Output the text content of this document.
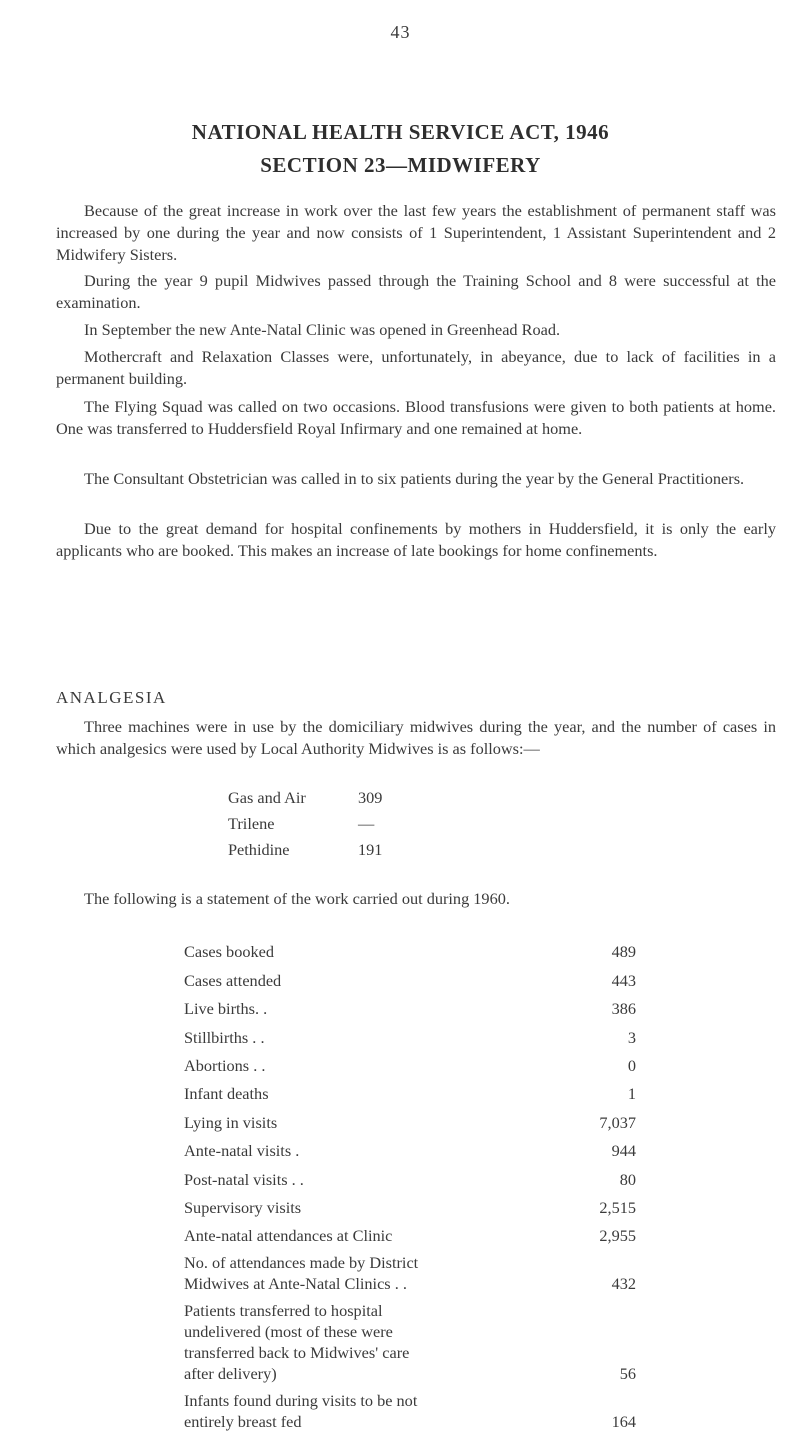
43
NATIONAL HEALTH SERVICE ACT, 1946
SECTION 23—MIDWIFERY

Because of the great increase in work over the last few years the establishment of permanent staff was increased by one during the year and now consists of 1 Superintendent, 1 Assistant Superintendent and 2 Midwifery Sisters.

During the year 9 pupil Midwives passed through the Training School and 8 were successful at the examination.

In September the new Ante-Natal Clinic was opened in Greenhead Road.

Mothercraft and Relaxation Classes were, unfortunately, in abeyance, due to lack of facilities in a permanent building.

The Flying Squad was called on two occasions. Blood transfusions were given to both patients at home. One was transferred to Huddersfield Royal Infirmary and one remained at home.

The Consultant Obstetrician was called in to six patients during the year by the General Practitioners.

Due to the great demand for hospital confinements by mothers in Huddersfield, it is only the early applicants who are booked. This makes an increase of late bookings for home confinements.

ANALGESIA

Three machines were in use by the domiciliary midwives during the year, and the number of cases in which analgesics were used by Local Authority Midwives is as follows:—

Gas and Air	309
Trilene	—
Pethidine	191

The following is a statement of the work carried out during 1960.

Cases booked	489
Cases attended	443
Live births. .	386
Stillbirths . .	3
Abortions . .	0
Infant deaths	1
Lying in visits	7,037
Ante-natal visits .	944
Post-natal visits . .	80
Supervisory visits	2,515
Ante-natal attendances at Clinic	2,955
No. of attendances made by District Midwives at Ante-Natal Clinics . .	432
Patients transferred to hospital undelivered (most of these were transferred back to Midwives' care after delivery)	56
Infants found during visits to be not entirely breast fed	164
